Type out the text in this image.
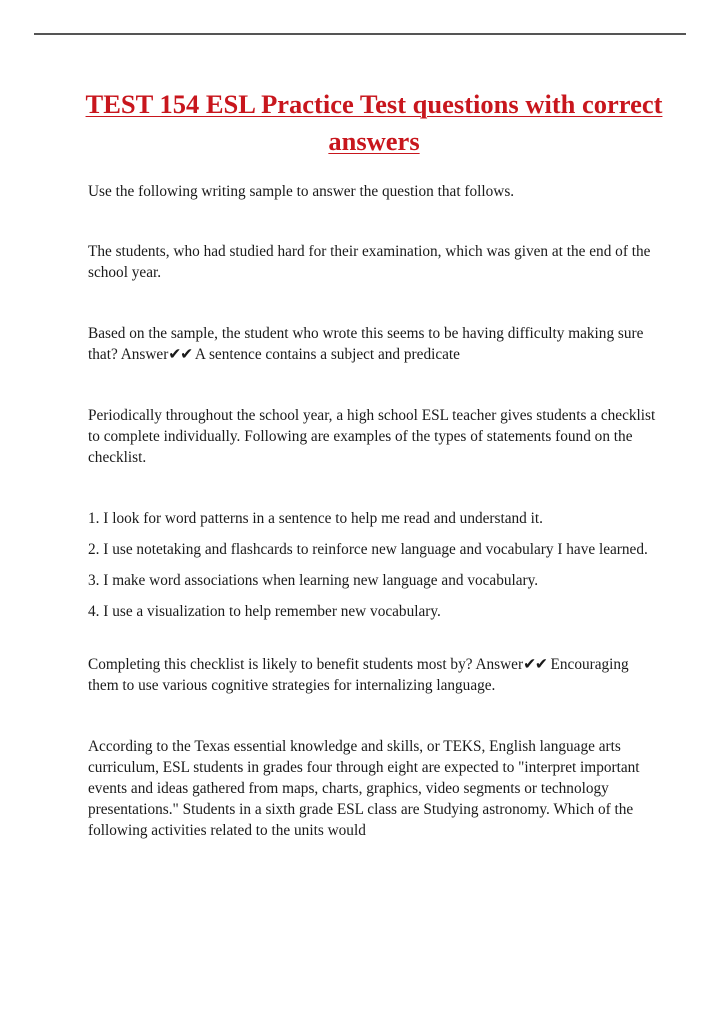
TEST 154 ESL Practice Test questions with correct answers

Use the following writing sample to answer the question that follows.

The students, who had studied hard for their examination, which was given at the end of the school year.

Based on the sample, the student who wrote this seems to be having difficulty making sure that? Answer✔✔ A sentence contains a subject and predicate

Periodically throughout the school year, a high school ESL teacher gives students a checklist to complete individually. Following are examples of the types of statements found on the checklist.

1. I look for word patterns in a sentence to help me read and understand it.

2. I use notetaking and flashcards to reinforce new language and vocabulary I have learned.

3. I make word associations when learning new language and vocabulary.

4. I use a visualization to help remember new vocabulary.

Completing this checklist is likely to benefit students most by? Answer✔✔ Encouraging them to use various cognitive strategies for internalizing language.

According to the Texas essential knowledge and skills, or TEKS, English language arts curriculum, ESL students in grades four through eight are expected to "interpret important events and ideas gathered from maps, charts, graphics, video segments or technology presentations." Students in a sixth grade ESL class are Studying astronomy. Which of the following activities related to the units would
